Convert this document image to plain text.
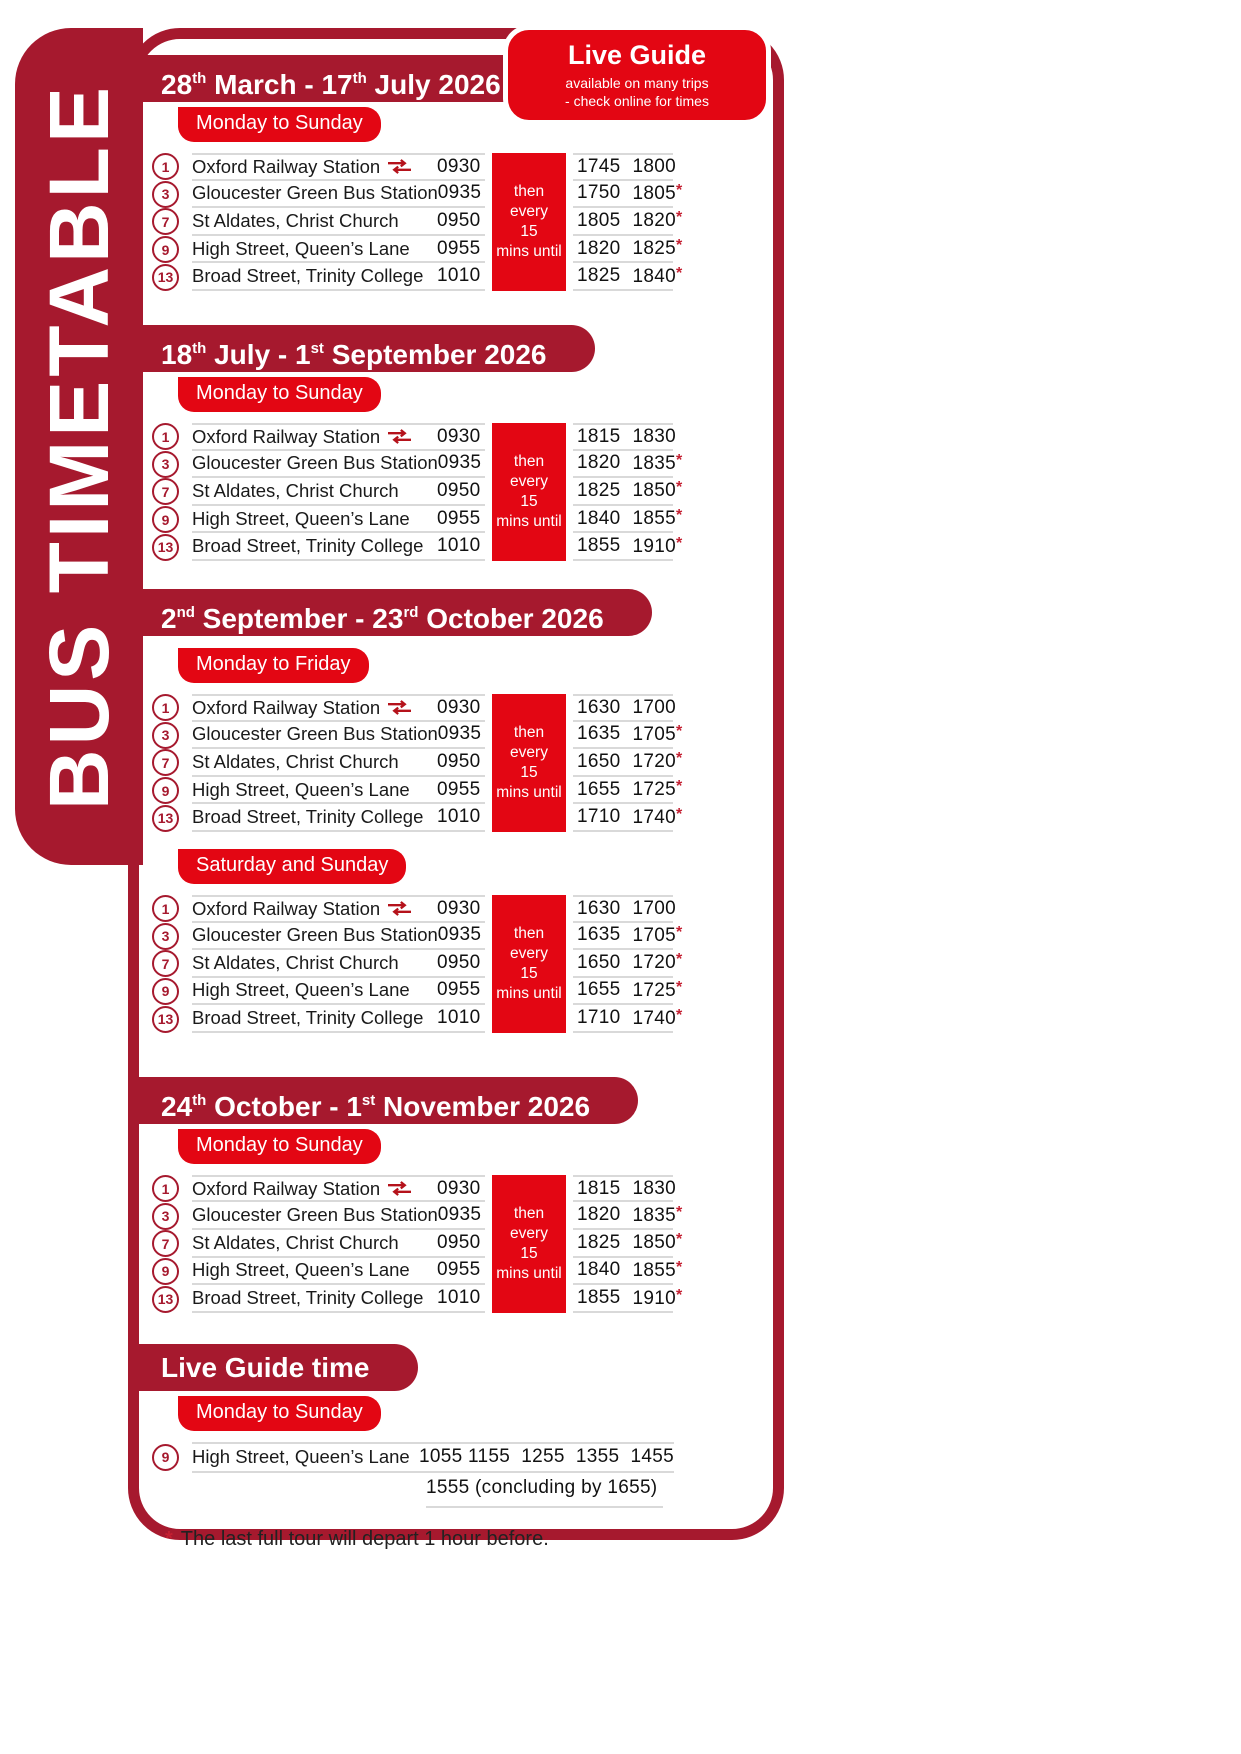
28th March - 17th July 2026
Monday to Sunday
1	Oxford Railway Station	0930	1745 1800
3	Gloucester Green Bus Station 0935	1750 1805*
7	St Aldates, Christ Church 0950	1805 1820*
9	High Street, Queen’s Lane 0955	1820 1825*
13	Broad Street, Trinity College 1010	1825 1840*
then
every
15
mins until
18th July - 1st September 2026
Monday to Sunday
1	Oxford Railway Station	0930	1815 1830
3	Gloucester Green Bus Station 0935	1820 1835*
7	St Aldates, Christ Church 0950	1825 1850*
9	High Street, Queen’s Lane 0955	1840 1855*
13	Broad Street, Trinity College 1010	1855 1910*
then
every
15
mins until
2nd September - 23rd October 2026
Monday to Friday
1	Oxford Railway Station	0930	1630 1700
3	Gloucester Green Bus Station 0935	1635 1705*
7	St Aldates, Christ Church 0950	1650 1720*
9	High Street, Queen’s Lane 0955	1655 1725*
13	Broad Street, Trinity College 1010	1710 1740*
then
every
15
mins until
Saturday and Sunday
1	Oxford Railway Station	0930	1630 1700
3	Gloucester Green Bus Station 0935	1635 1705*
7	St Aldates, Christ Church 0950	1650 1720*
9	High Street, Queen’s Lane 0955	1655 1725*
13	Broad Street, Trinity College 1010	1710 1740*
then
every
15
mins until
24th October - 1st November 2026
Monday to Sunday
1	Oxford Railway Station	0930	1815 1830
3	Gloucester Green Bus Station 0935	1820 1835*
7	St Aldates, Christ Church 0950	1825 1850*
9	High Street, Queen’s Lane 0955	1840 1855*
13	Broad Street, Trinity College 1010	1855 1910*
then
every
15
mins until
Live Guide time
Monday to Sunday
9	High Street, Queen’s Lane 1055 1155  1255  1355  1455
1555 (concluding by 1655)
* The last full tour will depart 1 hour before.
BUS TIMETABLE
Live Guide
available on many trips
- check online for times
